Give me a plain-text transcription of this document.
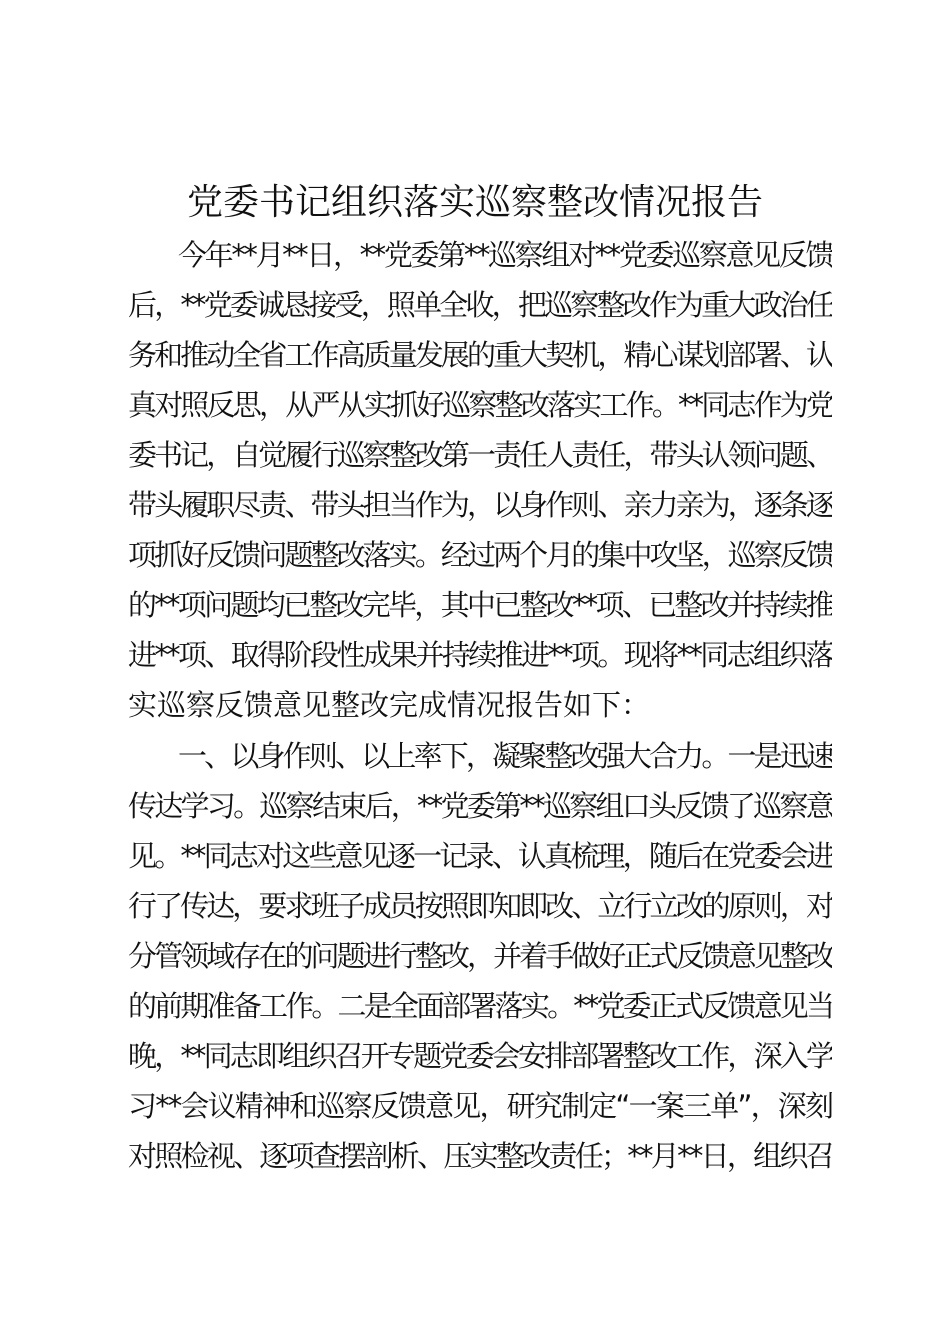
党委书记组织落实巡察整改情况报告
今年**月**日，**党委第**巡察组对**党委巡察意见反馈
后，**党委诚恳接受，照单全收，把巡察整改作为重大政治任
务和推动全省工作高质量发展的重大契机，精心谋划部署、认
真对照反思，从严从实抓好巡察整改落实工作。**同志作为党
委书记，自觉履行巡察整改第一责任人责任，带头认领问题、
带头履职尽责、带头担当作为，以身作则、亲力亲为，逐条逐
项抓好反馈问题整改落实。经过两个月的集中攻坚，巡察反馈
的**项问题均已整改完毕，其中已整改**项、已整改并持续推
进**项、取得阶段性成果并持续推进**项。现将**同志组织落
实巡察反馈意见整改完成情况报告如下：
一、以身作则、以上率下，凝聚整改强大合力。一是迅速
传达学习。巡察结束后，**党委第**巡察组口头反馈了巡察意
见。**同志对这些意见逐一记录、认真梳理，随后在党委会进
行了传达，要求班子成员按照即知即改、立行立改的原则，对
分管领域存在的问题进行整改，并着手做好正式反馈意见整改
的前期准备工作。二是全面部署落实。**党委正式反馈意见当
晚，**同志即组织召开专题党委会安排部署整改工作，深入学
习**会议精神和巡察反馈意见，研究制定“一案三单”，深刻
对照检视、逐项查摆剖析、压实整改责任；**月**日，组织召
